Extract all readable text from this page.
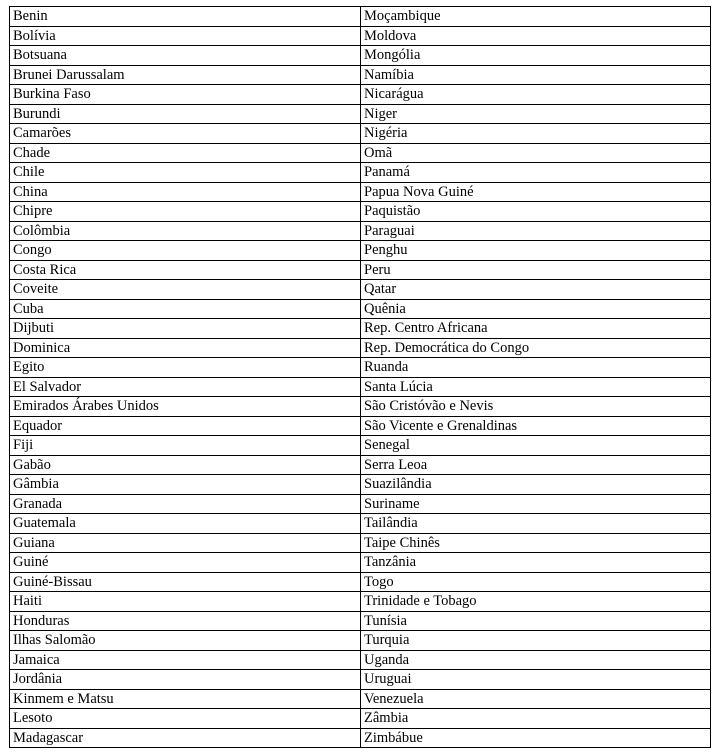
Benin	Moçambique
Bolívia	Moldova
Botsuana	Mongólia
Brunei Darussalam	Namíbia
Burkina Faso	Nicarágua
Burundi	Niger
Camarões	Nigéria
Chade	Omã
Chile	Panamá
China	Papua Nova Guiné
Chipre	Paquistão
Colômbia	Paraguai
Congo	Penghu
Costa Rica	Peru
Coveite	Qatar
Cuba	Quênia
Dijbuti	Rep. Centro Africana
Dominica	Rep. Democrática do Congo
Egito	Ruanda
El Salvador	Santa Lúcia
Emirados Árabes Unidos	São Cristóvão e Nevis
Equador	São Vicente e Grenaldinas
Fiji	Senegal
Gabão	Serra Leoa
Gâmbia	Suazilândia
Granada	Suriname
Guatemala	Tailândia
Guiana	Taipe Chinês
Guiné	Tanzânia
Guiné-Bissau	Togo
Haiti	Trinidade e Tobago
Honduras	Tunísia
Ilhas Salomão	Turquia
Jamaica	Uganda
Jordânia	Uruguai
Kinmem e Matsu	Venezuela
Lesoto	Zâmbia
Madagascar	Zimbábue
